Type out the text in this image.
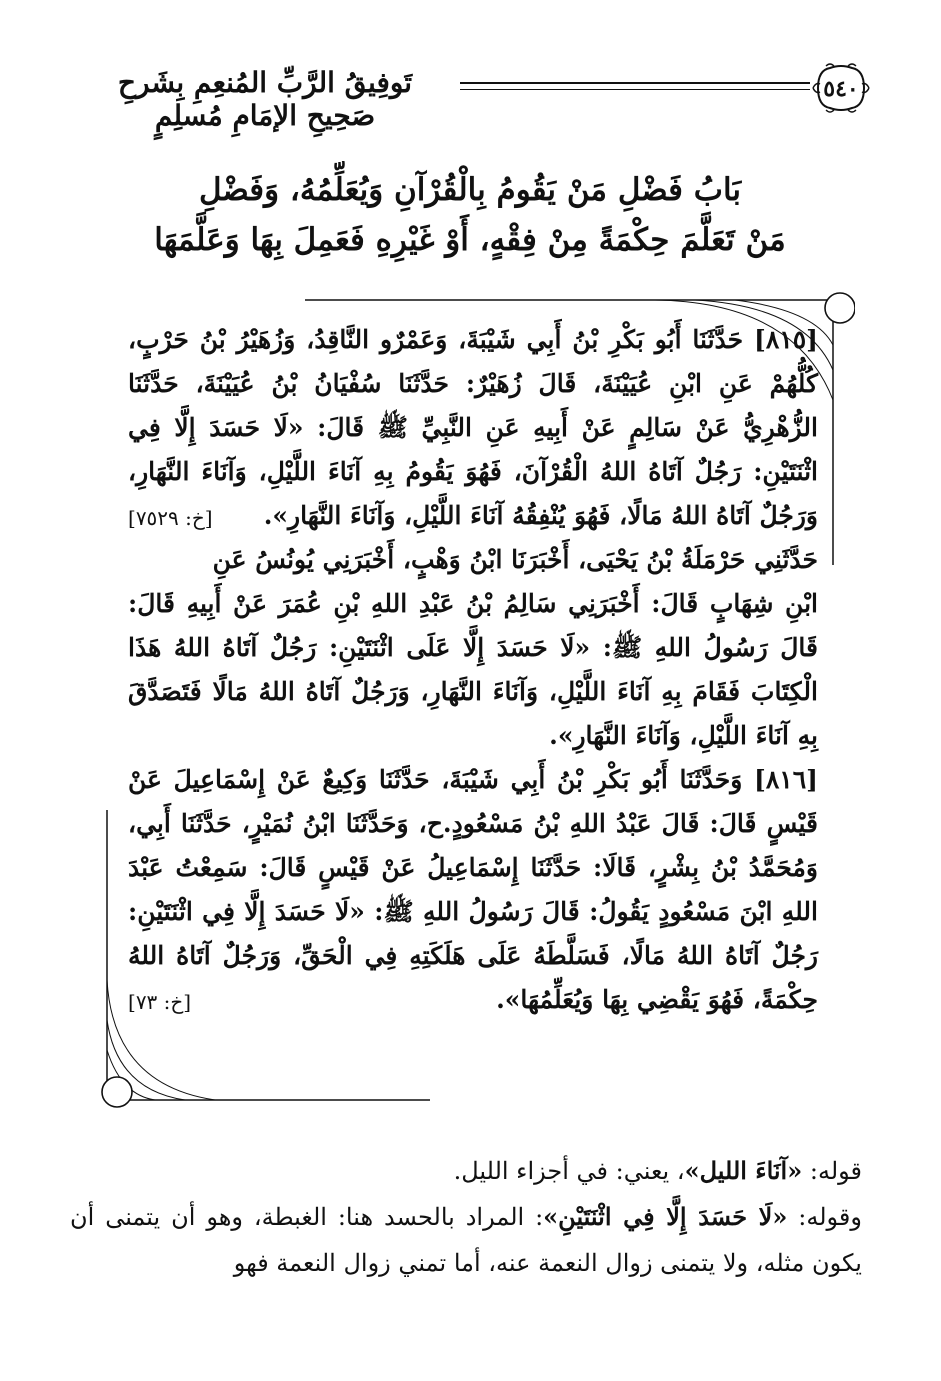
تَوفِيقُ الرَّبِّ المُنعِمِ بِشَرحِ صَحِيحِ الإمَامِ مُسلِمٍ
٥٤٠
بَابُ فَضْلِ مَنْ يَقُومُ بِالْقُرْآنِ وَيُعَلِّمُهُ، وَفَضْلِ
مَنْ تَعَلَّمَ حِكْمَةً مِنْ فِقْهٍ، أَوْ غَيْرِهِ فَعَمِلَ بِهَا وَعَلَّمَهَا

[٨١٥] حَدَّثَنَا أَبُو بَكْرِ بْنُ أَبِي شَيْبَةَ، وَعَمْرٌو النَّاقِدُ، وَزُهَيْرُ بْنُ حَرْبٍ، كُلُّهُمْ عَنِ ابْنِ عُيَيْنَةَ، قَالَ زُهَيْرٌ: حَدَّثَنَا سُفْيَانُ بْنُ عُيَيْنَةَ، حَدَّثَنَا الزُّهْرِيُّ عَنْ سَالِمٍ عَنْ أَبِيهِ عَنِ النَّبِيِّ ﷺ قَالَ: «لَا حَسَدَ إِلَّا فِي اثْنَتَيْنِ: رَجُلٌ آتَاهُ اللهُ الْقُرْآنَ، فَهُوَ يَقُومُ بِهِ آنَاءَ اللَّيْلِ، وَآنَاءَ النَّهَارِ، وَرَجُلٌ آتَاهُ اللهُ مَالًا، فَهُوَ يُنْفِقُهُ آنَاءَ اللَّيْلِ، وَآنَاءَ النَّهَارِ».
[خ: ٧٥٢٩]

حَدَّثَنِي حَرْمَلَةُ بْنُ يَحْيَى، أَخْبَرَنَا ابْنُ وَهْبٍ، أَخْبَرَنِي يُونُسُ عَنِ ابْنِ شِهَابٍ قَالَ: أَخْبَرَنِي سَالِمُ بْنُ عَبْدِ اللهِ بْنِ عُمَرَ عَنْ أَبِيهِ قَالَ: قَالَ رَسُولُ اللهِ ﷺ: «لَا حَسَدَ إِلَّا عَلَى اثْنَتَيْنِ: رَجُلٌ آتَاهُ اللهُ هَذَا الْكِتَابَ فَقَامَ بِهِ آنَاءَ اللَّيْلِ، وَآنَاءَ النَّهَارِ، وَرَجُلٌ آتَاهُ اللهُ مَالًا فَتَصَدَّقَ بِهِ آنَاءَ اللَّيْلِ، وَآنَاءَ النَّهَارِ».

[٨١٦] وَحَدَّثَنَا أَبُو بَكْرِ بْنُ أَبِي شَيْبَةَ، حَدَّثَنَا وَكِيعٌ عَنْ إِسْمَاعِيلَ عَنْ قَيْسٍ قَالَ: قَالَ عَبْدُ اللهِ بْنُ مَسْعُودٍ.ح، وَحَدَّثَنَا ابْنُ نُمَيْرٍ، حَدَّثَنَا أَبِي، وَمُحَمَّدُ بْنُ بِشْرٍ، قَالَا: حَدَّثَنَا إِسْمَاعِيلُ عَنْ قَيْسٍ قَالَ: سَمِعْتُ عَبْدَ اللهِ ابْنَ مَسْعُودٍ يَقُولُ: قَالَ رَسُولُ اللهِ ﷺ: «لَا حَسَدَ إِلَّا فِي اثْنَتَيْنِ: رَجُلٌ آتَاهُ اللهُ مَالًا، فَسَلَّطَهُ عَلَى هَلَكَتِهِ فِي الْحَقِّ، وَرَجُلٌ آتَاهُ اللهُ حِكْمَةً، فَهُوَ يَقْضِي بِهَا وَيُعَلِّمُهَا».
[خ: ٧٣]

قوله: «آنَاءَ الليل»، يعني: في أجزاء الليل.

وقوله: «لَا حَسَدَ إِلَّا فِي اثْنَتَيْنِ»: المراد بالحسد هنا: الغبطة، وهو أن يتمنى أن يكون مثله، ولا يتمنى زوال النعمة عنه، أما تمني زوال النعمة فهو
